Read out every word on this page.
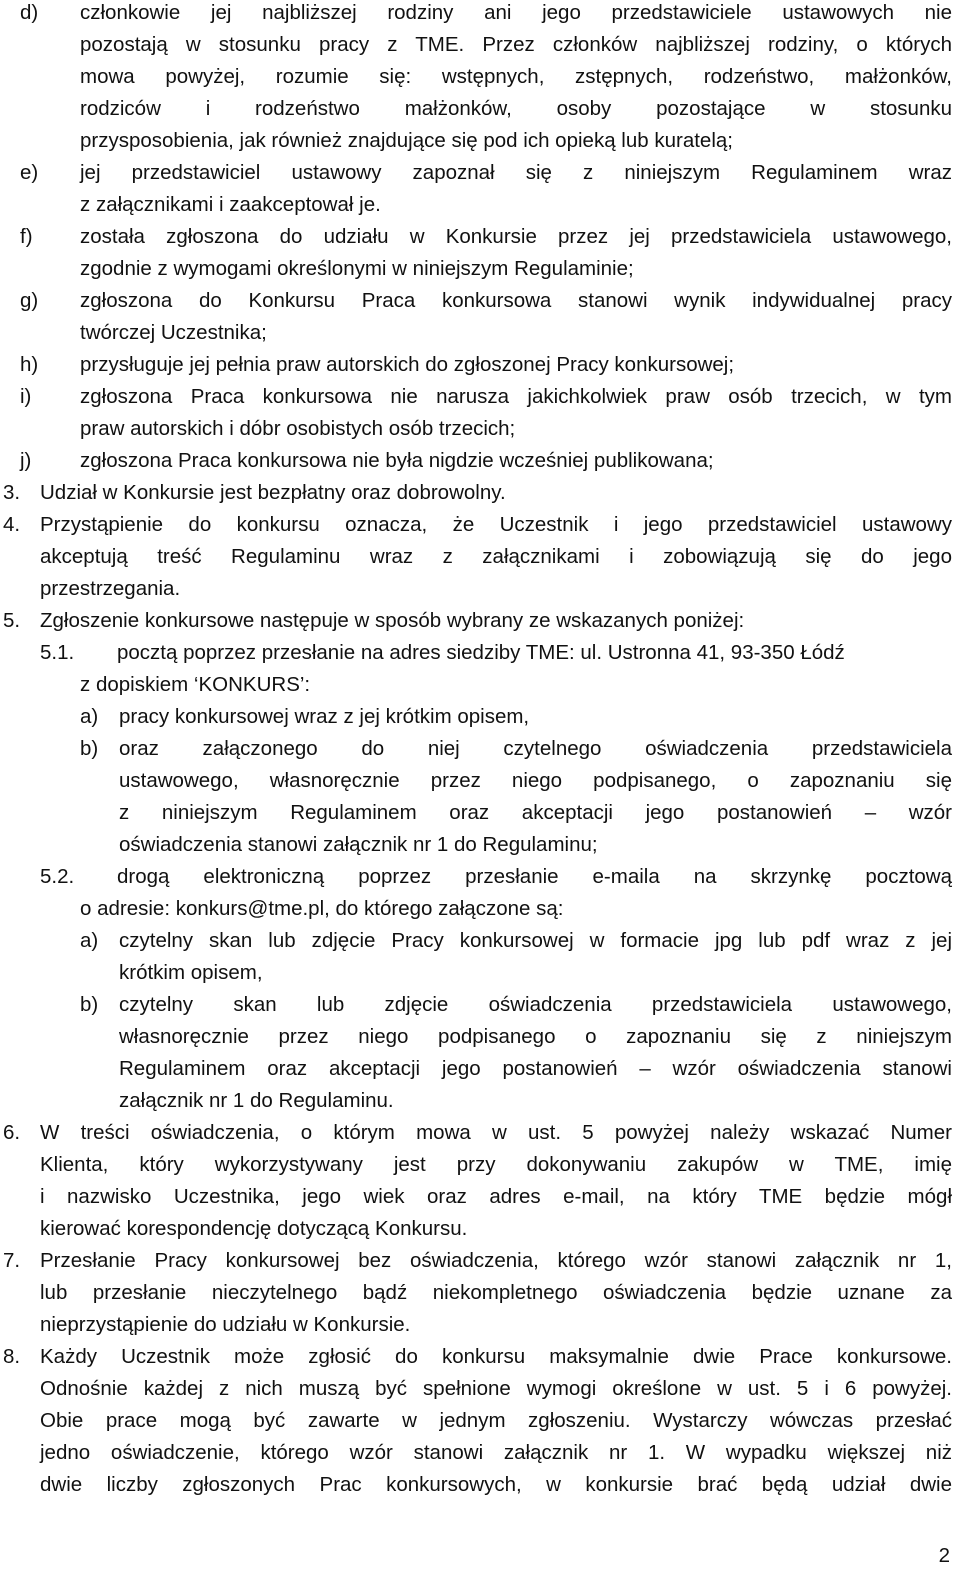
d) członkowie jej najbliższej rodziny ani jego przedstawiciele ustawowych nie
pozostają w stosunku pracy z TME. Przez członków najbliższej rodziny, o których
mowa powyżej, rozumie się: wstępnych, zstępnych, rodzeństwo, małżonków,
rodziców i rodzeństwo małżonków, osoby pozostające w stosunku
przysposobienia, jak również znajdujące się pod ich opieką lub kuratelą;
e) jej przedstawiciel ustawowy zapoznał się z niniejszym Regulaminem wraz
z załącznikami i zaakceptował je.
f) została zgłoszona do udziału w Konkursie przez jej przedstawiciela ustawowego,
zgodnie z wymogami określonymi w niniejszym Regulaminie;
g) zgłoszona do Konkursu Praca konkursowa stanowi wynik indywidualnej pracy
twórczej Uczestnika;
h) przysługuje jej pełnia praw autorskich do zgłoszonej Pracy konkursowej;
i) zgłoszona Praca konkursowa nie narusza jakichkolwiek praw osób trzecich, w tym
praw autorskich i dóbr osobistych osób trzecich;
j) zgłoszona Praca konkursowa nie była nigdzie wcześniej publikowana;
3. Udział w Konkursie jest bezpłatny oraz dobrowolny.
4. Przystąpienie do konkursu oznacza, że Uczestnik i jego przedstawiciel ustawowy
akceptują treść Regulaminu wraz z załącznikami i zobowiązują się do jego
przestrzegania.
5. Zgłoszenie konkursowe następuje w sposób wybrany ze wskazanych poniżej:
5.1. pocztą poprzez przesłanie na adres siedziby TME: ul. Ustronna 41, 93-350 Łódź
z dopiskiem ‘KONKURS’:
a) pracy konkursowej wraz z jej krótkim opisem,
b) oraz załączonego do niej czytelnego oświadczenia przedstawiciela
ustawowego, własnoręcznie przez niego podpisanego, o zapoznaniu się
z niniejszym Regulaminem oraz akceptacji jego postanowień – wzór
oświadczenia stanowi załącznik nr 1 do Regulaminu;
5.2. drogą elektroniczną poprzez przesłanie e-maila na skrzynkę pocztową
o adresie: konkurs@tme.pl, do którego załączone są:
a) czytelny skan lub zdjęcie Pracy konkursowej w formacie jpg lub pdf wraz z jej
krótkim opisem,
b) czytelny skan lub zdjęcie oświadczenia przedstawiciela ustawowego,
własnoręcznie przez niego podpisanego o zapoznaniu się z niniejszym
Regulaminem oraz akceptacji jego postanowień – wzór oświadczenia stanowi
załącznik nr 1 do Regulaminu.
6. W treści oświadczenia, o którym mowa w ust. 5 powyżej należy wskazać Numer
Klienta, który wykorzystywany jest przy dokonywaniu zakupów w TME, imię
i nazwisko Uczestnika, jego wiek oraz adres e-mail, na który TME będzie mógł
kierować korespondencję dotyczącą Konkursu.
7. Przesłanie Pracy konkursowej bez oświadczenia, którego wzór stanowi załącznik nr 1,
lub przesłanie nieczytelnego bądź niekompletnego oświadczenia będzie uznane za
nieprzystąpienie do udziału w Konkursie.
8. Każdy Uczestnik może zgłosić do konkursu maksymalnie dwie Prace konkursowe.
Odnośnie każdej z nich muszą być spełnione wymogi określone w ust. 5 i 6 powyżej.
Obie prace mogą być zawarte w jednym zgłoszeniu. Wystarczy wówczas przesłać
jedno oświadczenie, którego wzór stanowi załącznik nr 1. W wypadku większej niż
dwie liczby zgłoszonych Prac konkursowych, w konkursie brać będą udział dwie
2
